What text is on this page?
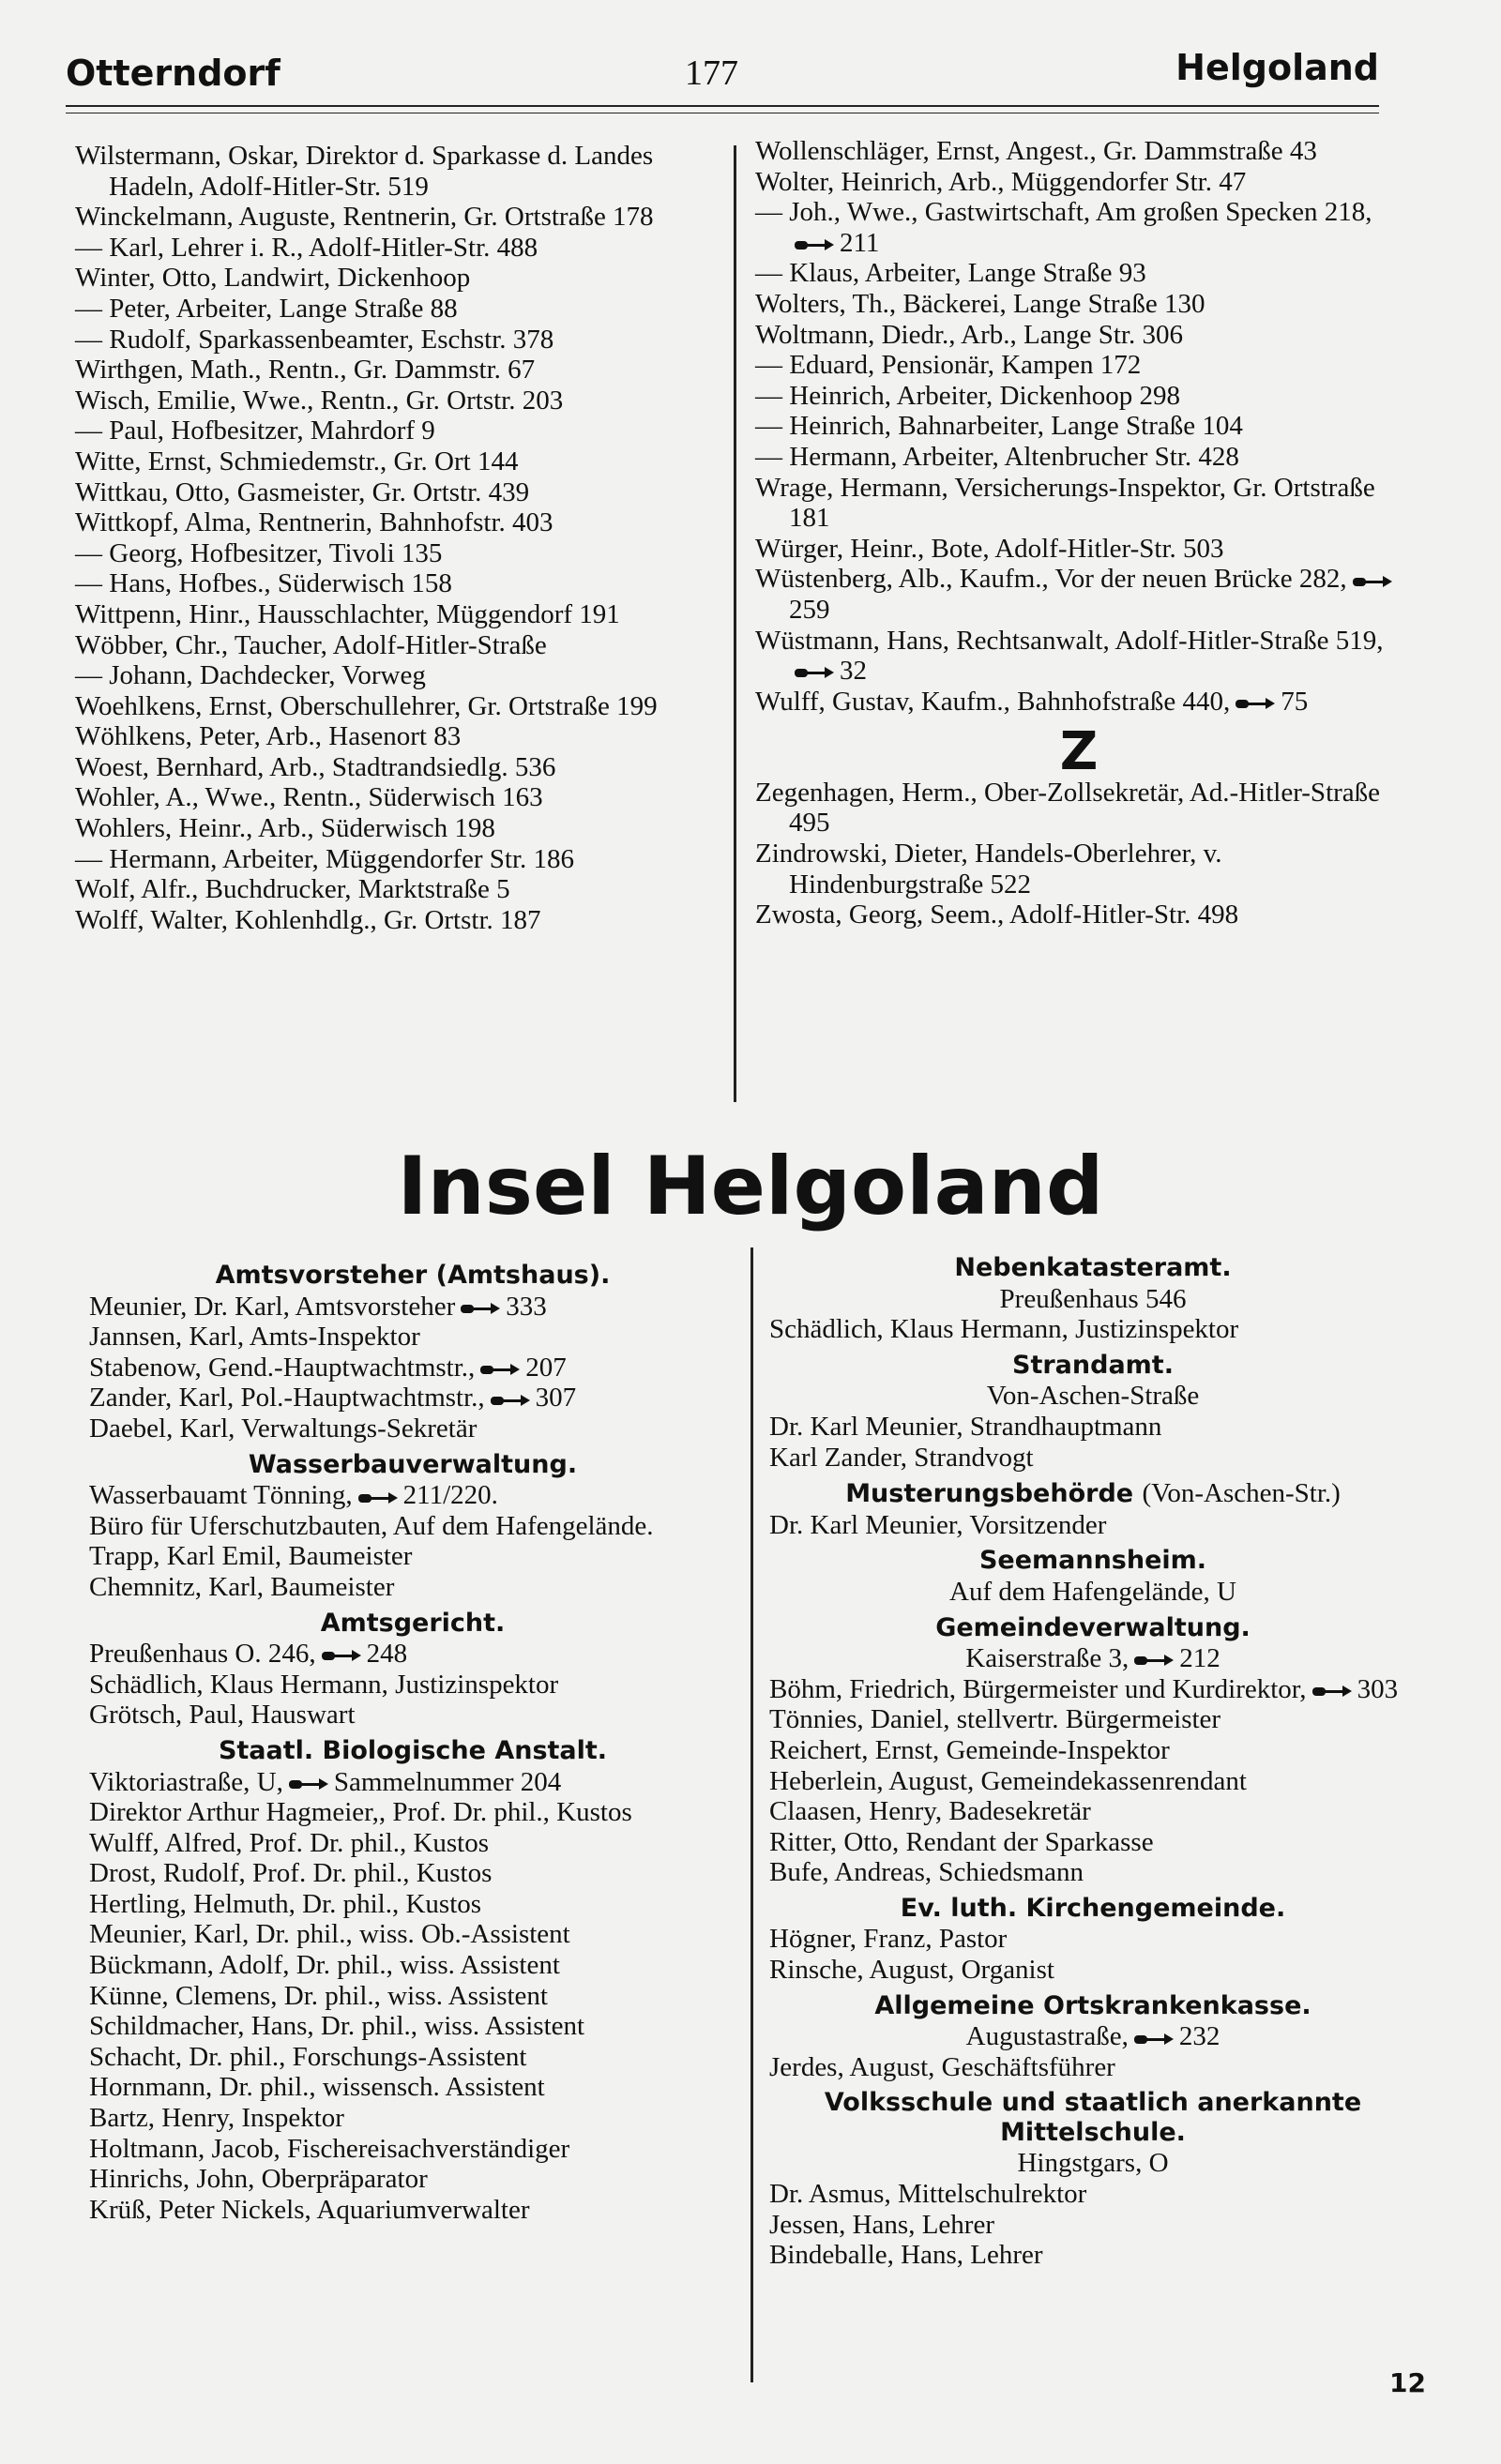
Otterndorf	177	Helgoland
Wilstermann, Oskar, Direktor d. Sparkasse d. Landes Hadeln, Adolf-Hitler-Str. 519
Winckelmann, Auguste, Rentnerin, Gr. Ortstraße 178
— Karl, Lehrer i. R., Adolf-Hitler-Str. 488
Winter, Otto, Landwirt, Dickenhoop
— Peter, Arbeiter, Lange Straße 88
— Rudolf, Sparkassenbeamter, Eschstr. 378
Wirthgen, Math., Rentn., Gr. Dammstr. 67
Wisch, Emilie, Wwe., Rentn., Gr. Ortstr. 203
— Paul, Hofbesitzer, Mahrdorf 9
Witte, Ernst, Schmiedemstr., Gr. Ort 144
Wittkau, Otto, Gasmeister, Gr. Ortstr. 439
Wittkopf, Alma, Rentnerin, Bahnhofstr. 403
— Georg, Hofbesitzer, Tivoli 135
— Hans, Hofbes., Süderwisch 158
Wittpenn, Hinr., Hausschlachter, Müggendorf 191
Wöbber, Chr., Taucher, Adolf-Hitler-Straße
— Johann, Dachdecker, Vorweg
Woehlkens, Ernst, Oberschullehrer, Gr. Ortstraße 199
Wöhlkens, Peter, Arb., Hasenort 83
Woest, Bernhard, Arb., Stadtrandsiedlg. 536
Wohler, A., Wwe., Rentn., Süderwisch 163
Wohlers, Heinr., Arb., Süderwisch 198
— Hermann, Arbeiter, Müggendorfer Str. 186
Wolf, Alfr., Buchdrucker, Marktstraße 5
Wolff, Walter, Kohlenhdlg., Gr. Ortstr. 187
Wollenschläger, Ernst, Angest., Gr. Dammstraße 43
Wolter, Heinrich, Arb., Müggendorfer Str. 47
— Joh., Wwe., Gastwirtschaft, Am großen Specken 218,
211
— Klaus, Arbeiter, Lange Straße 93
Wolters, Th., Bäckerei, Lange Straße 130
Woltmann, Diedr., Arb., Lange Str. 306
— Eduard, Pensionär, Kampen 172
— Heinrich, Arbeiter, Dickenhoop 298
— Heinrich, Bahnarbeiter, Lange Straße 104
— Hermann, Arbeiter, Altenbrucher Str. 428
Wrage, Hermann, Versicherungs-Inspektor, Gr. Ortstraße 181
Würger, Heinr., Bote, Adolf-Hitler-Str. 503
Wüstenberg, Alb., Kaufm., Vor der neuen Brücke 282,
259
Wüstmann, Hans, Rechtsanwalt, Adolf-Hitler-Straße 519,
32
Wulff, Gustav, Kaufm., Bahnhofstraße 440, 75
Z
Zegenhagen, Herm., Ober-Zollsekretär, Ad.-Hitler-Straße 495
Zindrowski, Dieter, Handels-Oberlehrer, v. Hindenburgstraße 522
Zwosta, Georg, Seem., Adolf-Hitler-Str. 498
Insel Helgoland
Amtsvorsteher (Amtshaus).
Meunier, Dr. Karl, Amtsvorsteher 333
Jannsen, Karl, Amts-Inspektor
Stabenow, Gend.-Hauptwachtmstr., 207
Zander, Karl, Pol.-Hauptwachtmstr., 307
Daebel, Karl, Verwaltungs-Sekretär
Wasserbauverwaltung.
Wasserbauamt Tönning, 211/220.
Büro für Uferschutzbauten, Auf dem Hafengelände.
Trapp, Karl Emil, Baumeister
Chemnitz, Karl, Baumeister
Amtsgericht.
Preußenhaus O. 246, 248
Schädlich, Klaus Hermann, Justizinspektor
Grötsch, Paul, Hauswart
Staatl. Biologische Anstalt.
Viktoriastraße, U, Sammelnummer 204
Direktor Arthur Hagmeier,, Prof. Dr. phil., Kustos
Wulff, Alfred, Prof. Dr. phil., Kustos
Drost, Rudolf, Prof. Dr. phil., Kustos
Hertling, Helmuth, Dr. phil., Kustos
Meunier, Karl, Dr. phil., wiss. Ob.-Assistent
Bückmann, Adolf, Dr. phil., wiss. Assistent
Künne, Clemens, Dr. phil., wiss. Assistent
Schildmacher, Hans, Dr. phil., wiss. Assistent
Schacht, Dr. phil., Forschungs-Assistent
Hornmann, Dr. phil., wissensch. Assistent
Bartz, Henry, Inspektor
Holtmann, Jacob, Fischereisachverständiger
Hinrichs, John, Oberpräparator
Krüß, Peter Nickels, Aquariumverwalter
Nebenkatasteramt.
Preußenhaus 546
Schädlich, Klaus Hermann, Justizinspektor
Strandamt.
Von-Aschen-Straße
Dr. Karl Meunier, Strandhauptmann
Karl Zander, Strandvogt
Musterungsbehörde (Von-Aschen-Str.)
Dr. Karl Meunier, Vorsitzender
Seemannsheim.
Auf dem Hafengelände, U
Gemeindeverwaltung.
Kaiserstraße 3, 212
Böhm, Friedrich, Bürgermeister und Kurdirektor, 303
Tönnies, Daniel, stellvertr. Bürgermeister
Reichert, Ernst, Gemeinde-Inspektor
Heberlein, August, Gemeindekassenrendant
Claasen, Henry, Badesekretär
Ritter, Otto, Rendant der Sparkasse
Bufe, Andreas, Schiedsmann
Ev. luth. Kirchengemeinde.
Högner, Franz, Pastor
Rinsche, August, Organist
Allgemeine Ortskrankenkasse.
Augustastraße, 232
Jerdes, August, Geschäftsführer
Volksschule und staatlich anerkannte Mittelschule.
Hingstgars, O
Dr. Asmus, Mittelschulrektor
Jessen, Hans, Lehrer
Bindeballe, Hans, Lehrer
12
